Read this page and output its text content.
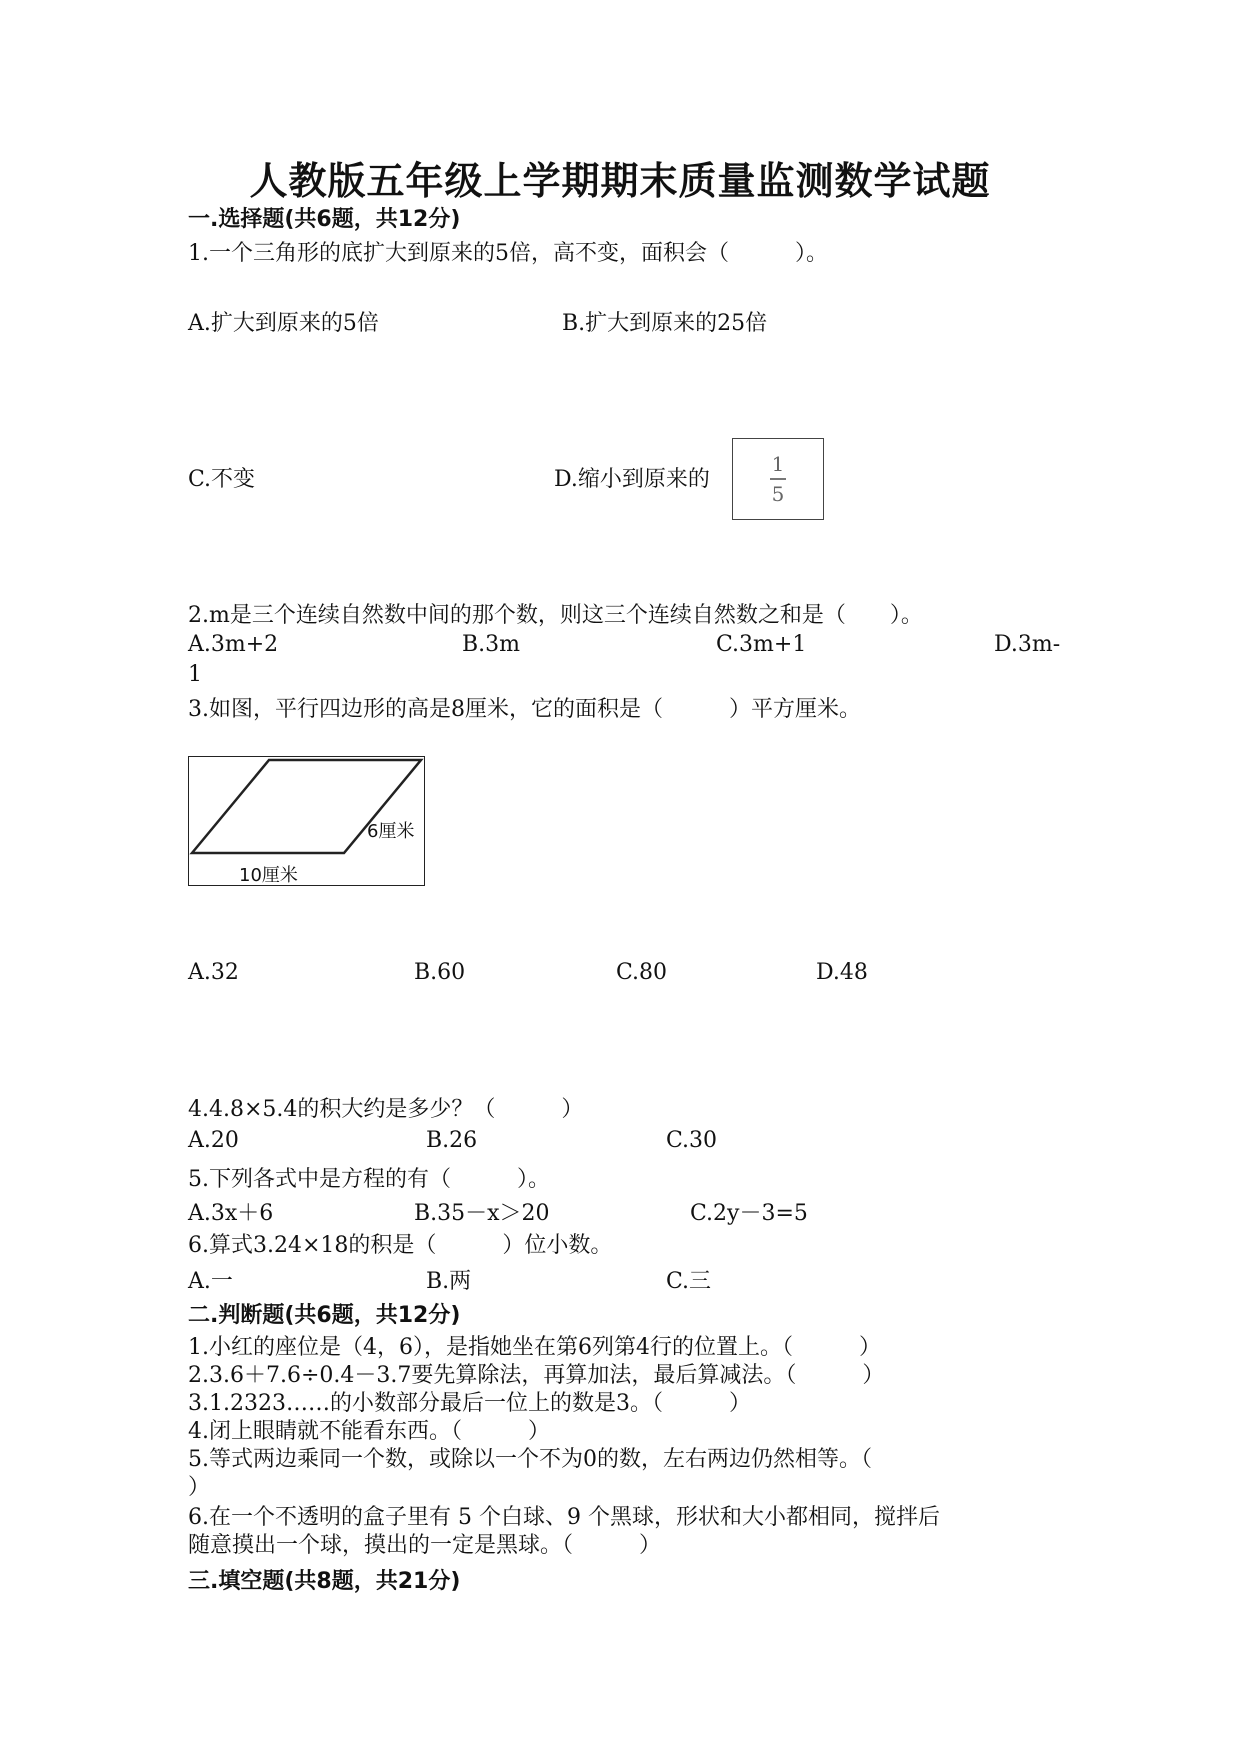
人教版五年级上学期期末质量监测数学试题
一.选择题(共6题，共12分)
1.一个三角形的底扩大到原来的5倍，高不变，面积会（　　　）。
A.扩大到原来的5倍	B.扩大到原来的25倍
C.不变	D.缩小到原来的
1
5
2.m是三个连续自然数中间的那个数，则这三个连续自然数之和是（　　）。
A.3m+2	B.3m	C.3m+1	D.3m-
1
3.如图，平行四边形的高是8厘米，它的面积是（　　　）平方厘米。
6厘米
10厘米
A.32	B.60	C.80	D.48
4.4.8×5.4的积大约是多少？（　　　）
A.20	B.26	C.30
5.下列各式中是方程的有（　　　）。
A.3x＋6	B.35－x＞20	C.2y－3=5
6.算式3.24×18的积是（　　　）位小数。
A.一	B.两	C.三
二.判断题(共6题，共12分)
1.小红的座位是（4，6），是指她坐在第6列第4行的位置上。（　　　）
2.3.6＋7.6÷0.4－3.7要先算除法，再算加法，最后算减法。（　　　）
3.1.2323……的小数部分最后一位上的数是3。（　　　）
4.闭上眼睛就不能看东西。（　　　）
5.等式两边乘同一个数，或除以一个不为0的数，左右两边仍然相等。（
）
6.在一个不透明的盒子里有 5 个白球、9 个黑球，形状和大小都相同，搅拌后
随意摸出一个球，摸出的一定是黑球。（　　　）
三.填空题(共8题，共21分)
